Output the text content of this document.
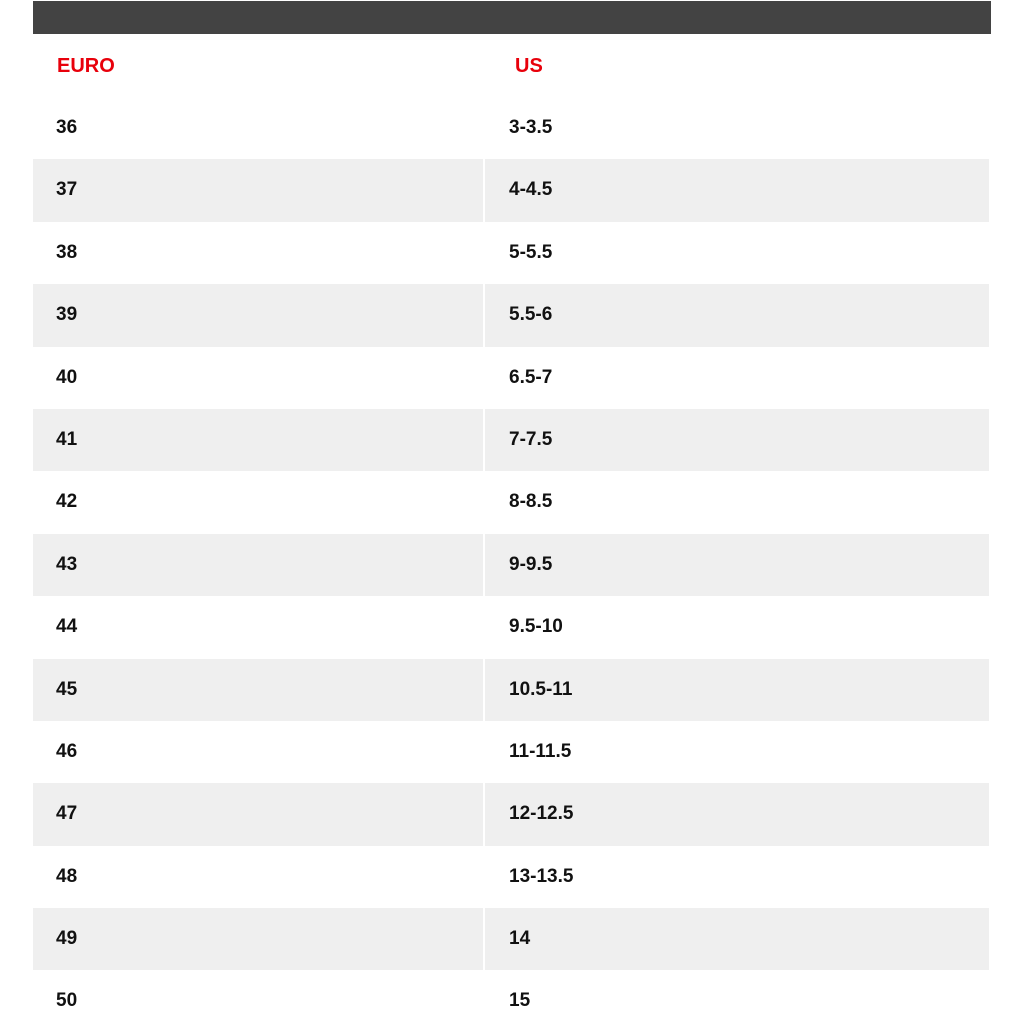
EURO	US
36	3-3.5
37	4-4.5
38	5-5.5
39	5.5-6
40	6.5-7
41	7-7.5
42	8-8.5
43	9-9.5
44	9.5-10
45	10.5-11
46	11-11.5
47	12-12.5
48	13-13.5
49	14
50	15
